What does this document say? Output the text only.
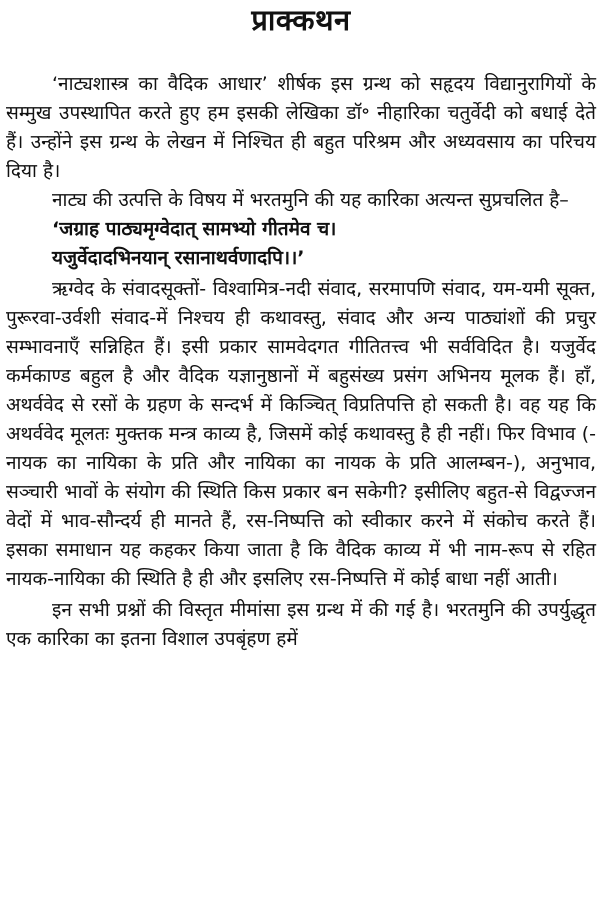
प्राक्कथन

‘नाट्यशास्त्र का वैदिक आधार’ शीर्षक इस ग्रन्थ को सहृदय विद्यानुरागियों के सम्मुख उपस्थापित करते हुए हम इसकी लेखिका डॉ॰ नीहारिका चतुर्वेदी को बधाई देते हैं। उन्होंने इस ग्रन्थ के लेखन में निश्चित ही बहुत परिश्रम और अध्यवसाय का परिचय दिया है।

नाट्य की उत्पत्ति के विषय में भरतमुनि की यह कारिका अत्यन्त सुप्रचलित है–

‘जग्राह पाठ्यमृग्वेदात् सामभ्यो गीतमेव च।

यजुर्वेदादभिनयान् रसानाथर्वणादपि।।’

ऋग्वेद के संवादसूक्तों- विश्वामित्र-नदी संवाद, सरमापणि संवाद, यम-यमी सूक्त, पुरूरवा-उर्वशी संवाद-में निश्चय ही कथावस्तु, संवाद और अन्य पाठ्यांशों की प्रचुर सम्भावनाएँ सन्निहित हैं। इसी प्रकार सामवेदगत गीतितत्त्व भी सर्वविदित है। यजुर्वेद कर्मकाण्ड बहुल है और वैदिक यज्ञानुष्ठानों में बहुसंख्य प्रसंग अभिनय मूलक हैं। हाँ, अथर्ववेद से रसों के ग्रहण के सन्दर्भ में किञ्चित् विप्रतिपत्ति हो सकती है। वह यह कि अथर्ववेद मूलतः मुक्तक मन्त्र काव्य है, जिसमें कोई कथावस्तु है ही नहीं। फिर विभाव (-नायक का नायिका के प्रति और नायिका का नायक के प्रति आलम्बन-), अनुभाव, सञ्चारी भावों के संयोग की स्थिति किस प्रकार बन सकेगी? इसीलिए बहुत-से विद्वज्जन वेदों में भाव-सौन्दर्य ही मानते हैं, रस-निष्पत्ति को स्वीकार करने में संकोच करते हैं। इसका समाधान यह कहकर किया जाता है कि वैदिक काव्य में भी नाम-रूप से रहित नायक-नायिका की स्थिति है ही और इसलिए रस-निष्पत्ति में कोई बाधा नहीं आती।

इन सभी प्रश्नों की विस्तृत मीमांसा इस ग्रन्थ में की गई है। भरतमुनि की उपर्युद्धृत एक कारिका का इतना विशाल उपबृंहण हमें
